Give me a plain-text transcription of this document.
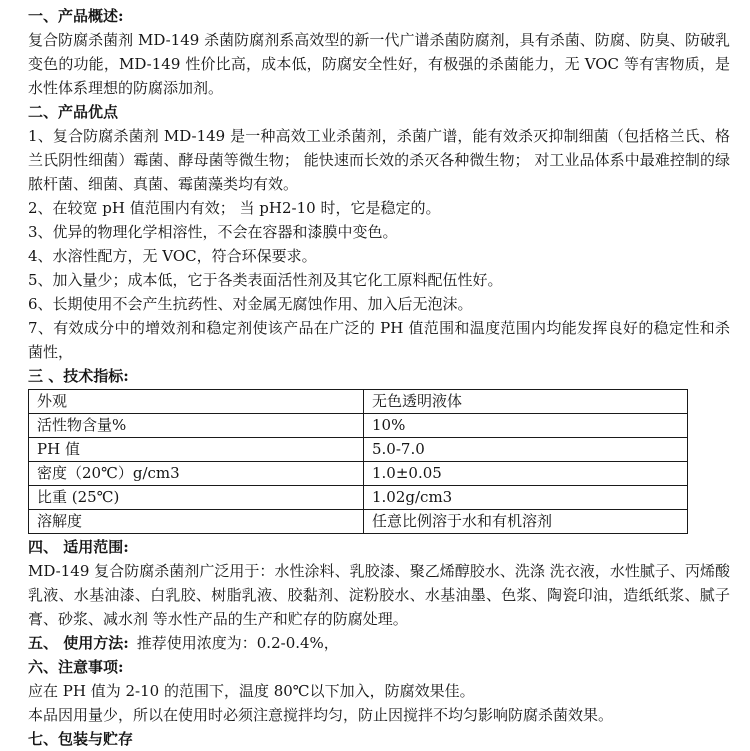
一、产品概述:

复合防腐杀菌剂 MD-149 杀菌防腐剂系高效型的新一代广谱杀菌防腐剂，具有杀菌、防腐、防臭、防破乳变色的功能，MD-149 性价比高，成本低，防腐安全性好，有极强的杀菌能力，无 VOC 等有害物质，是水性体系理想的防腐添加剂。

二、产品优点

1、复合防腐杀菌剂 MD-149 是一种高效工业杀菌剂，杀菌广谱，能有效杀灭抑制细菌（包括格兰氏、格兰氏阴性细菌）霉菌、酵母菌等微生物； 能快速而长效的杀灭各种微生物； 对工业品体系中最难控制的绿脓杆菌、细菌、真菌、霉菌藻类均有效。

2、在较宽 pH 值范围内有效； 当 pH2-10 时，它是稳定的。

3、优异的物理化学相溶性，不会在容器和漆膜中变色。

4、水溶性配方，无 VOC，符合环保要求。

5、加入量少；成本低，它于各类表面活性剂及其它化工原料配伍性好。

6、长期使用不会产生抗药性、对金属无腐蚀作用、加入后无泡沫。

7、有效成分中的增效剂和稳定剂使该产品在广泛的 PH 值范围和温度范围内均能发挥良好的稳定性和杀菌性，

三 、技术指标:
外观	无色透明液体
活性物含量%	10%
PH 值	5.0-7.0
密度（20℃）g/cm3	1.0±0.05
比重 (25℃)	1.02g/cm3
溶解度	任意比例溶于水和有机溶剂
四、 适用范围:

MD-149 复合防腐杀菌剂广泛用于：水性涂料、乳胶漆、聚乙烯醇胶水、洗涤 洗衣液，水性腻子、丙烯酸乳液、水基油漆、白乳胶、树脂乳液、胶黏剂、淀粉胶水、水基油墨、色浆、陶瓷印油，造纸纸浆、腻子膏、砂浆、减水剂 等水性产品的生产和贮存的防腐处理。

五、 使用方法: 推荐使用浓度为：0.2-0.4%，

六、注意事项:

应在 PH 值为 2-10 的范围下，温度 80℃以下加入，防腐效果佳。

本品因用量少，所以在使用时必须注意搅拌均匀，防止因搅拌不均匀影响防腐杀菌效果。

七、包装与贮存
